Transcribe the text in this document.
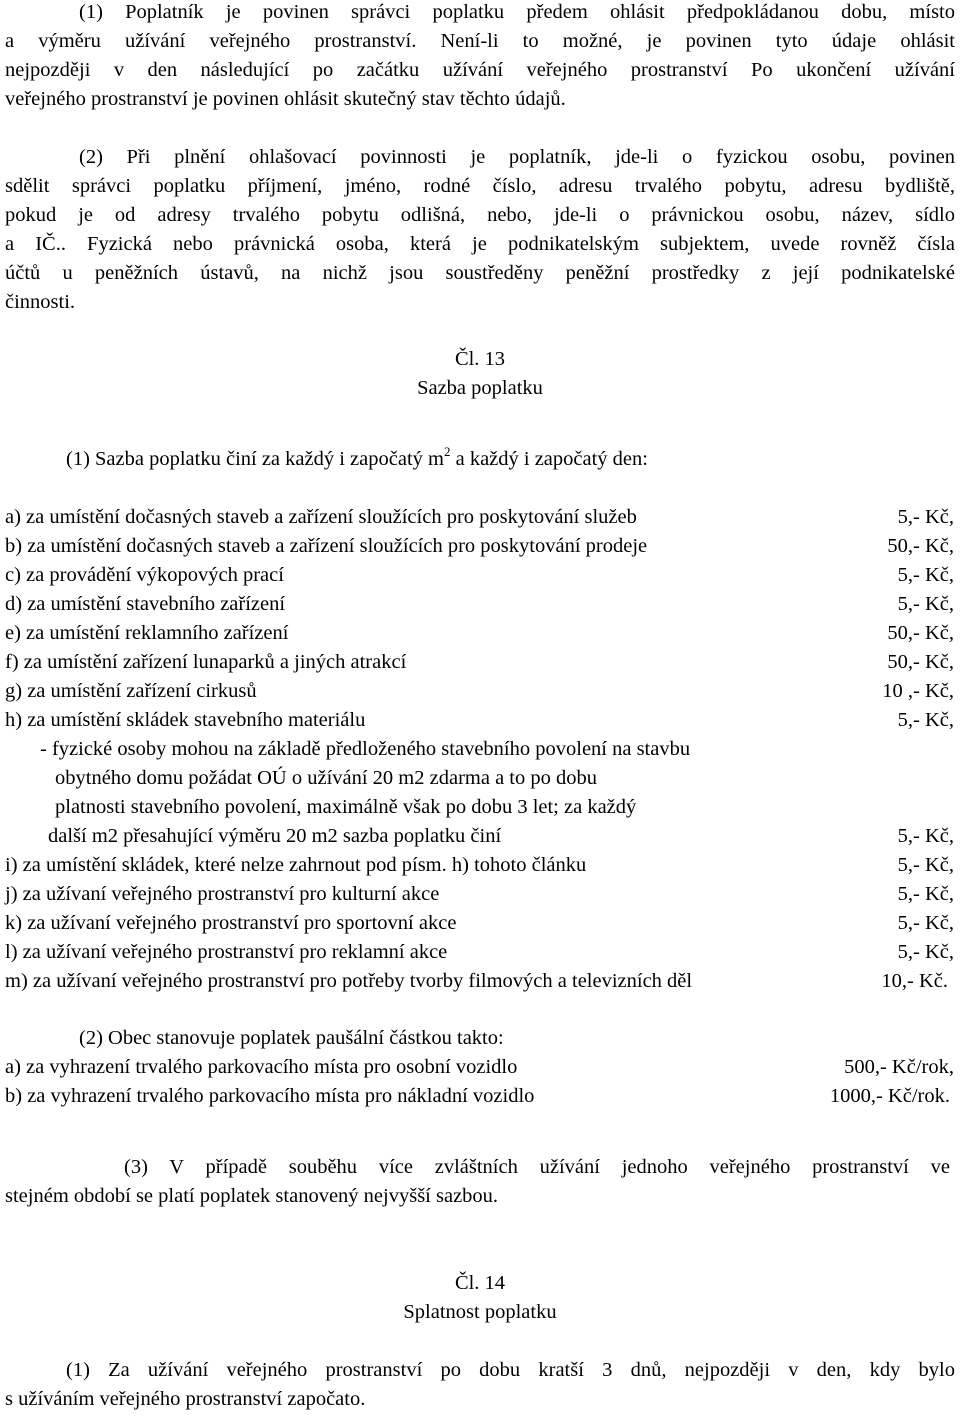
(1) Poplatník je povinen správci poplatku předem ohlásit předpokládanou dobu, místo
a výměru užívání veřejného prostranství. Není-li to možné, je povinen tyto údaje ohlásit
nejpozději v den následující po začátku užívání veřejného prostranství Po ukončení užívání
veřejného prostranství je povinen ohlásit skutečný stav těchto údajů.
(2) Při plnění ohlašovací povinnosti je poplatník, jde-li o fyzickou osobu, povinen
sdělit správci poplatku příjmení, jméno, rodné číslo, adresu trvalého pobytu, adresu bydliště,
pokud je od adresy trvalého pobytu odlišná, nebo, jde-li o právnickou osobu, název, sídlo
a IČ.. Fyzická nebo právnická osoba, která je podnikatelským subjektem, uvede rovněž čísla
účtů u peněžních ústavů, na nichž jsou soustředěny peněžní prostředky z její podnikatelské
činnosti.
Čl. 13
Sazba poplatku
(1) Sazba poplatku činí za každý i započatý $m^2$ a každý i započatý den:
a) za umístění dočasných staveb a zařízení sloužících pro poskytování služeb	5,- Kč,
b) za umístění dočasných staveb a zařízení sloužících pro poskytování prodeje	50,- Kč,
c) za provádění výkopových prací	5,- Kč,
d) za umístění stavebního zařízení	5,- Kč,
e) za umístění reklamního zařízení	50,- Kč,
f) za umístění zařízení lunaparků a jiných atrakcí	50,- Kč,
g) za umístění zařízení cirkusů	10 ,- Kč,
h) za umístění skládek stavebního materiálu	5,- Kč,
- fyzické osoby mohou na základě předloženého stavebního povolení na stavbu
obytného domu požádat OÚ o užívání 20 m2 zdarma a to po dobu
platnosti stavebního povolení, maximálně však po dobu 3 let; za každý
další m2 přesahující výměru 20 m2 sazba poplatku činí	5,- Kč,
i) za umístění skládek, které nelze zahrnout pod písm. h) tohoto článku	5,- Kč,
j) za užívaní veřejného prostranství pro kulturní akce	5,- Kč,
k) za užívaní veřejného prostranství pro sportovní akce	5,- Kč,
l) za užívaní veřejného prostranství pro reklamní akce	5,- Kč,
m) za užívaní veřejného prostranství pro potřeby tvorby filmových a televizních děl	10,- Kč.
(2) Obec stanovuje poplatek paušální částkou takto:
a) za vyhrazení trvalého parkovacího místa pro osobní vozidlo	500,- Kč/rok,
b) za vyhrazení trvalého parkovacího místa pro nákladní vozidlo	1000,- Kč/rok.
(3) V případě souběhu více zvláštních užívání jednoho veřejného prostranství ve
stejném období se platí poplatek stanovený nejvyšší sazbou.
Čl. 14
Splatnost poplatku
(1) Za užívání veřejného prostranství po dobu kratší 3 dnů, nejpozději v den, kdy bylo
s užíváním veřejného prostranství započato.
